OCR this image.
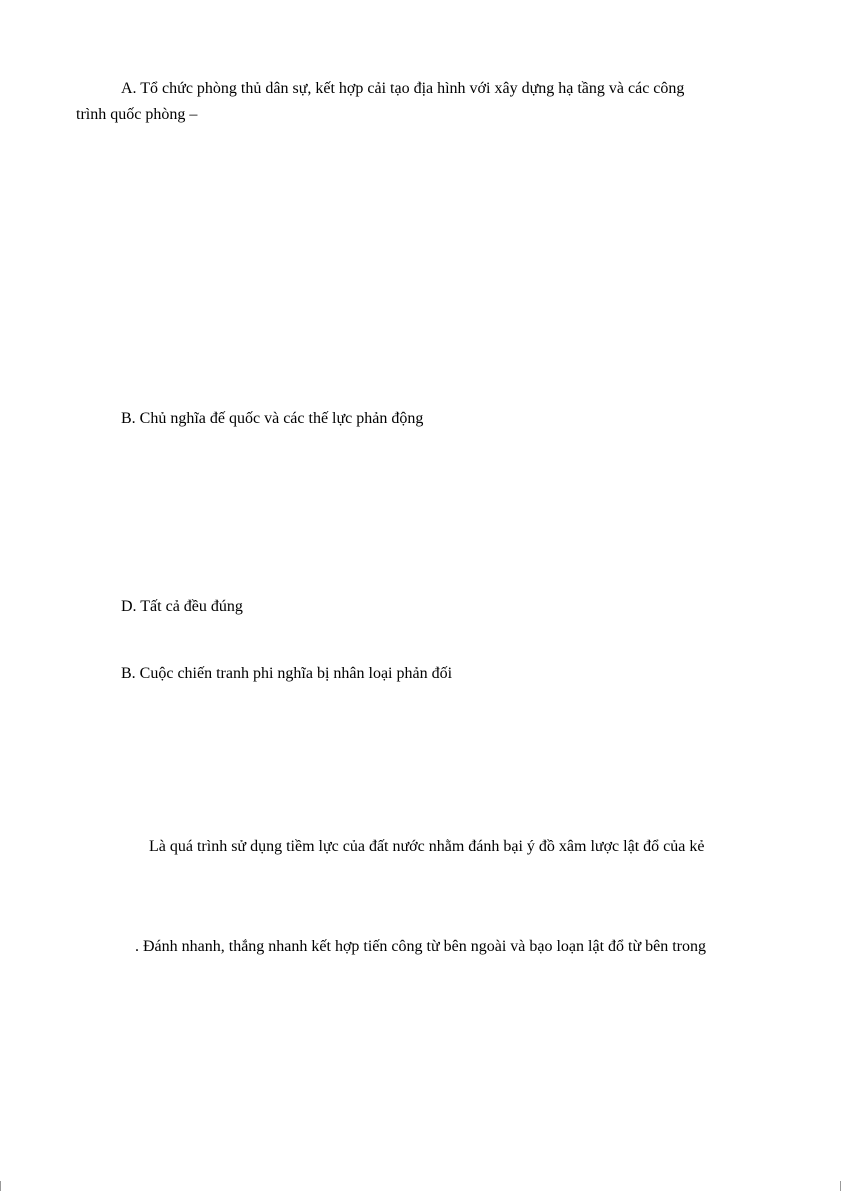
A. Tổ chức phòng thủ dân sự, kết hợp cải tạo địa hình với xây dựng hạ tầng và các công
trình quốc phòng –
B. Chủ nghĩa đế quốc và các thế lực phản động
D. Tất cả đều đúng
B. Cuộc chiến tranh phi nghĩa bị nhân loại phản đối
Là quá trình sử dụng tiềm lực của đất nước nhằm đánh bại ý đồ xâm lược lật đổ của kẻ
. Đánh nhanh, thắng nhanh kết hợp tiến công từ bên ngoài và bạo loạn lật đổ từ bên trong
